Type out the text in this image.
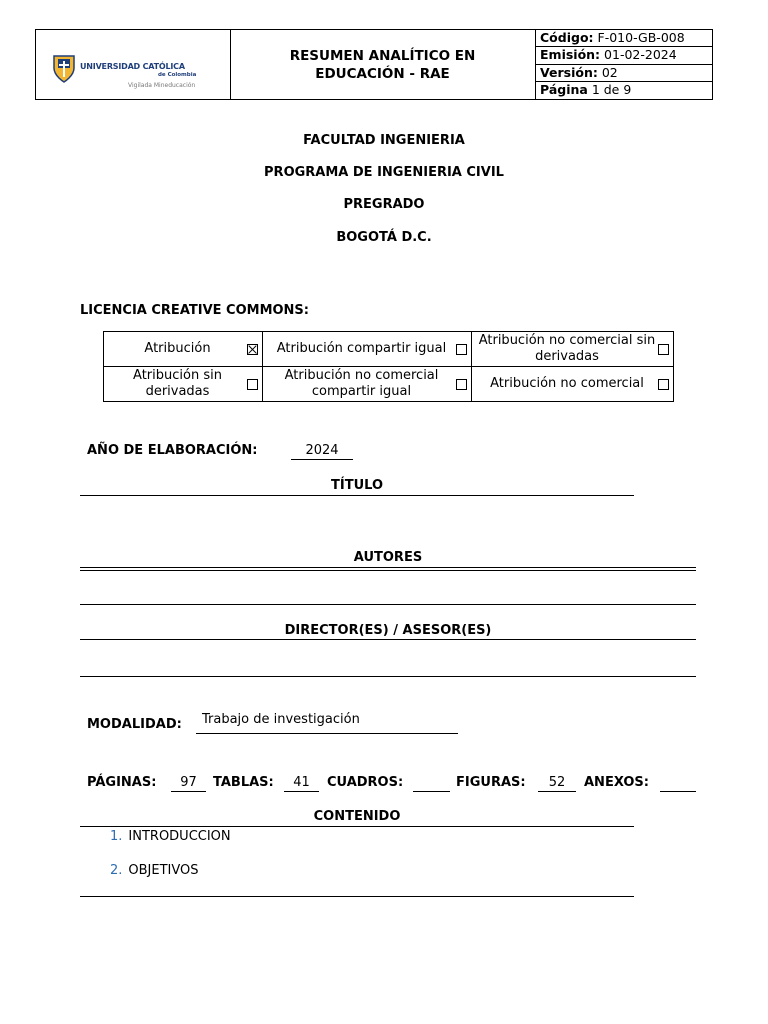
UNIVERSIDAD CATÓLICA
de Colombia
Vigilada Mineducación
RESUMEN ANALÍTICO EN
EDUCACIÓN - RAE
Código: F-010-GB-008
Emisión: 01-02-2024
Versión: 02
Página 1 de 9
FACULTAD INGENIERIA
PROGRAMA DE INGENIERIA CIVIL
PREGRADO
BOGOTÁ D.C.
LICENCIA CREATIVE COMMONS:
Atribución	Atribución compartir igual	Atribución no comercial sin derivadas

Atribución sin derivadas	Atribución no comercial compartir igual	Atribución no comercial
AÑO DE ELABORACIÓN:	2024
TÍTULO
AUTORES
DIRECTOR(ES) / ASESOR(ES)
MODALIDAD:	Trabajo de investigación
PÁGINAS:	97	TABLAS:	41	CUADROS:	FIGURAS:	52	ANEXOS:
CONTENIDO
1. INTRODUCCION
2. OBJETIVOS
